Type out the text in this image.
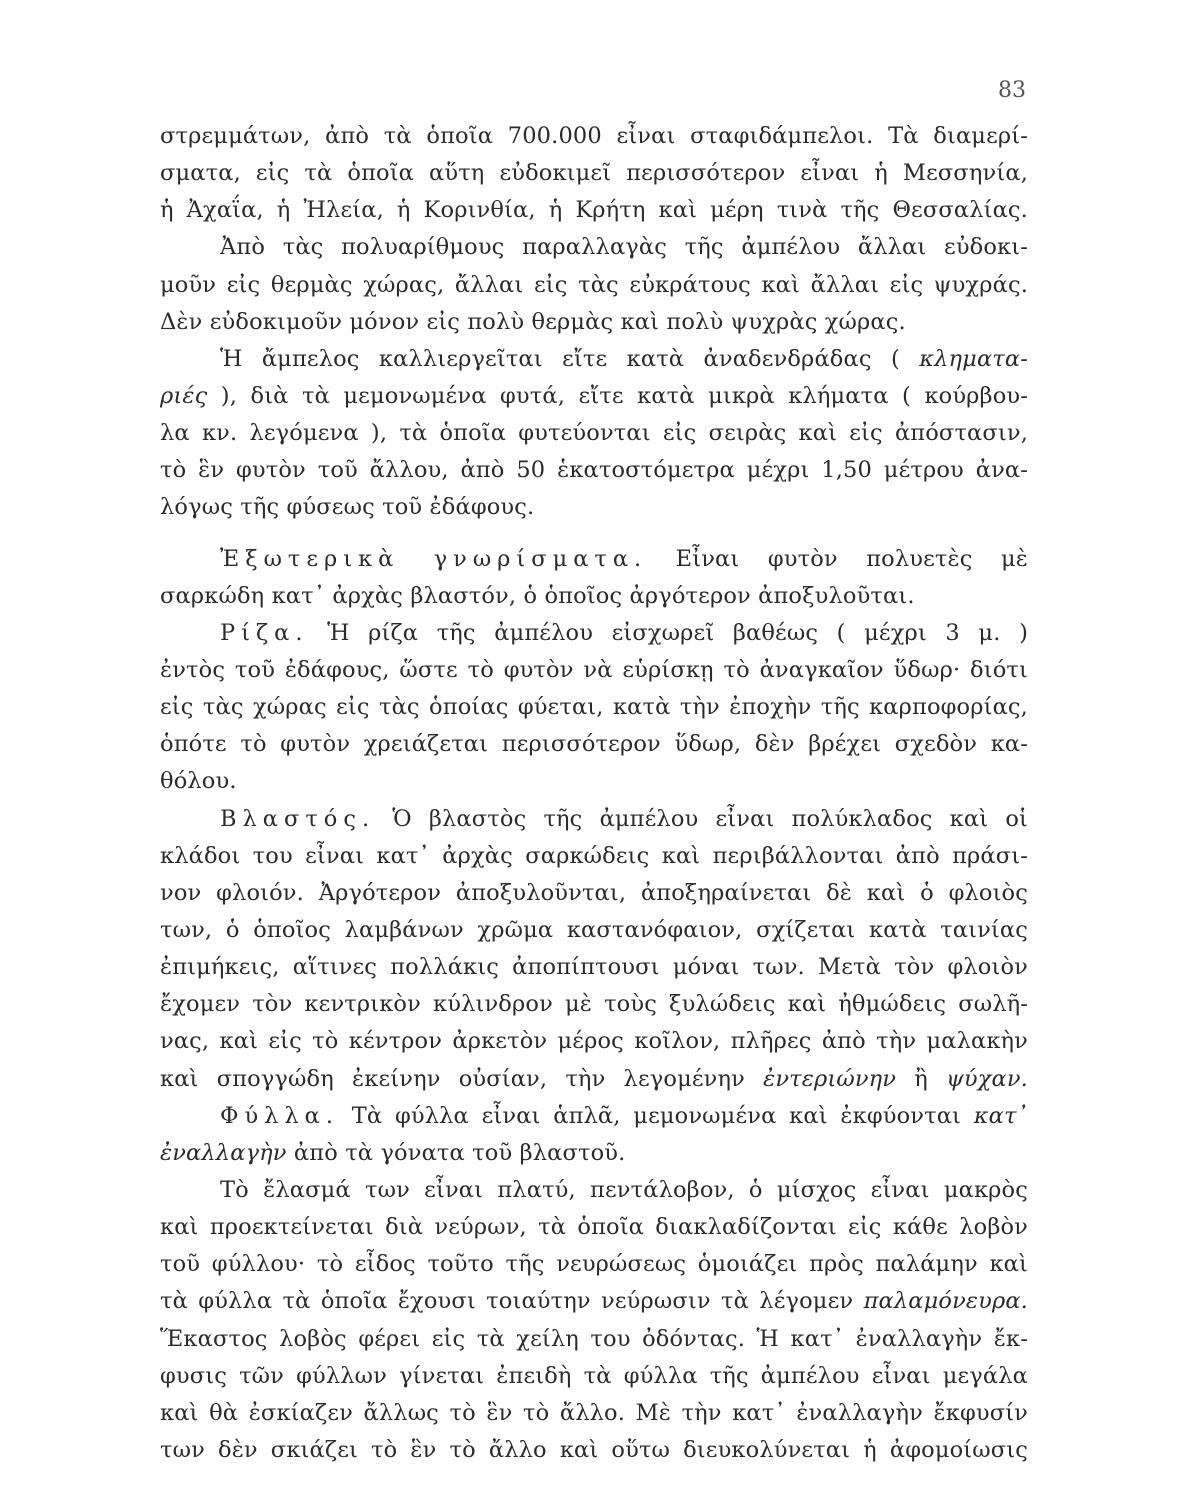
83
στρεμμάτων, ἀπὸ τὰ ὁποῖα 700.000 εἶναι σταφιδάμπελοι. Τὰ διαμερί-
σματα, εἰς τὰ ὁποῖα αὕτη εὐδοκιμεῖ περισσότερον εἶναι ἡ Μεσσηνία,
ἡ Ἀχαΐα, ἡ Ἠλεία, ἡ Κορινθία, ἡ Κρήτη καὶ μέρη τινὰ τῆς Θεσσαλίας.
Ἀπὸ τὰς πολυαρίθμους παραλλαγὰς τῆς ἀμπέλου ἄλλαι εὐδοκι-
μοῦν εἰς θερμὰς χώρας, ἄλλαι εἰς τὰς εὐκράτους καὶ ἄλλαι εἰς ψυχράς.
Δὲν εὐδοκιμοῦν μόνον εἰς πολὺ θερμὰς καὶ πολὺ ψυχρὰς χώρας.
Ἡ ἄμπελος καλλιεργεῖται εἴτε κατὰ ἀναδενδράδας ( κληματα-
ριές ), διὰ τὰ μεμονωμένα φυτά, εἴτε κατὰ μικρὰ κλήματα ( κούρβου-
λα κν. λεγόμενα ), τὰ ὁποῖα φυτεύονται εἰς σειρὰς καὶ εἰς ἀπόστασιν,
τὸ ἓν φυτὸν τοῦ ἄλλου, ἀπὸ 50 ἑκατοστόμετρα μέχρι 1,50 μέτρου ἀνα-
λόγως τῆς φύσεως τοῦ ἐδάφους.
Ἐξωτερικὰ γνωρίσματα. Εἶναι φυτὸν πολυετὲς μὲ
σαρκώδη κατ᾽ ἀρχὰς βλαστόν, ὁ ὁποῖος ἀργότερον ἀποξυλοῦται.
Ρίζα. Ἡ ρίζα τῆς ἀμπέλου εἰσχωρεῖ βαθέως ( μέχρι 3 μ. )
ἐντὸς τοῦ ἐδάφους, ὥστε τὸ φυτὸν νὰ εὑρίσκῃ τὸ ἀναγκαῖον ὕδωρ· διότι
εἰς τὰς χώρας εἰς τὰς ὁποίας φύεται, κατὰ τὴν ἐποχὴν τῆς καρποφορίας,
ὁπότε τὸ φυτὸν χρειάζεται περισσότερον ὕδωρ, δὲν βρέχει σχεδὸν κα-
θόλου.
Βλαστός. Ὁ βλαστὸς τῆς ἀμπέλου εἶναι πολύκλαδος καὶ οἱ
κλάδοι του εἶναι κατ᾽ ἀρχὰς σαρκώδεις καὶ περιβάλλονται ἀπὸ πράσι-
νον φλοιόν. Ἀργότερον ἀποξυλοῦνται, ἀποξηραίνεται δὲ καὶ ὁ φλοιὸς
των, ὁ ὁποῖος λαμβάνων χρῶμα καστανόφαιον, σχίζεται κατὰ ταινίας
ἐπιμήκεις, αἵτινες πολλάκις ἀποπίπτουσι μόναι των. Μετὰ τὸν φλοιὸν
ἔχομεν τὸν κεντρικὸν κύλινδρον μὲ τοὺς ξυλώδεις καὶ ἠθμώδεις σωλῆ-
νας, καὶ εἰς τὸ κέντρον ἀρκετὸν μέρος κοῖλον, πλῆρες ἀπὸ τὴν μαλακὴν
καὶ σπογγώδη ἐκείνην οὐσίαν, τὴν λεγομένην ἐντεριώνην ἢ ψύχαν.
Φύλλα. Τὰ φύλλα εἶναι ἁπλᾶ, μεμονωμένα καὶ ἐκφύονται κατ᾽
ἐναλλαγὴν ἀπὸ τὰ γόνατα τοῦ βλαστοῦ.
Τὸ ἔλασμά των εἶναι πλατύ, πεντάλοβον, ὁ μίσχος εἶναι μακρὸς
καὶ προεκτείνεται διὰ νεύρων, τὰ ὁποῖα διακλαδίζονται εἰς κάθε λοβὸν
τοῦ φύλλου· τὸ εἶδος τοῦτο τῆς νευρώσεως ὁμοιάζει πρὸς παλάμην καὶ
τὰ φύλλα τὰ ὁποῖα ἔχουσι τοιαύτην νεύρωσιν τὰ λέγομεν παλαμόνευρα.
Ἕκαστος λοβὸς φέρει εἰς τὰ χείλη του ὀδόντας. Ἡ κατ᾽ ἐναλλαγὴν ἔκ-
φυσις τῶν φύλλων γίνεται ἐπειδὴ τὰ φύλλα τῆς ἀμπέλου εἶναι μεγάλα
καὶ θὰ ἐσκίαζεν ἄλλως τὸ ἓν τὸ ἄλλο. Μὲ τὴν κατ᾽ ἐναλλαγὴν ἔκφυσίν
των δὲν σκιάζει τὸ ἓν τὸ ἄλλο καὶ οὕτω διευκολύνεται ἡ ἀφομοίωσις
